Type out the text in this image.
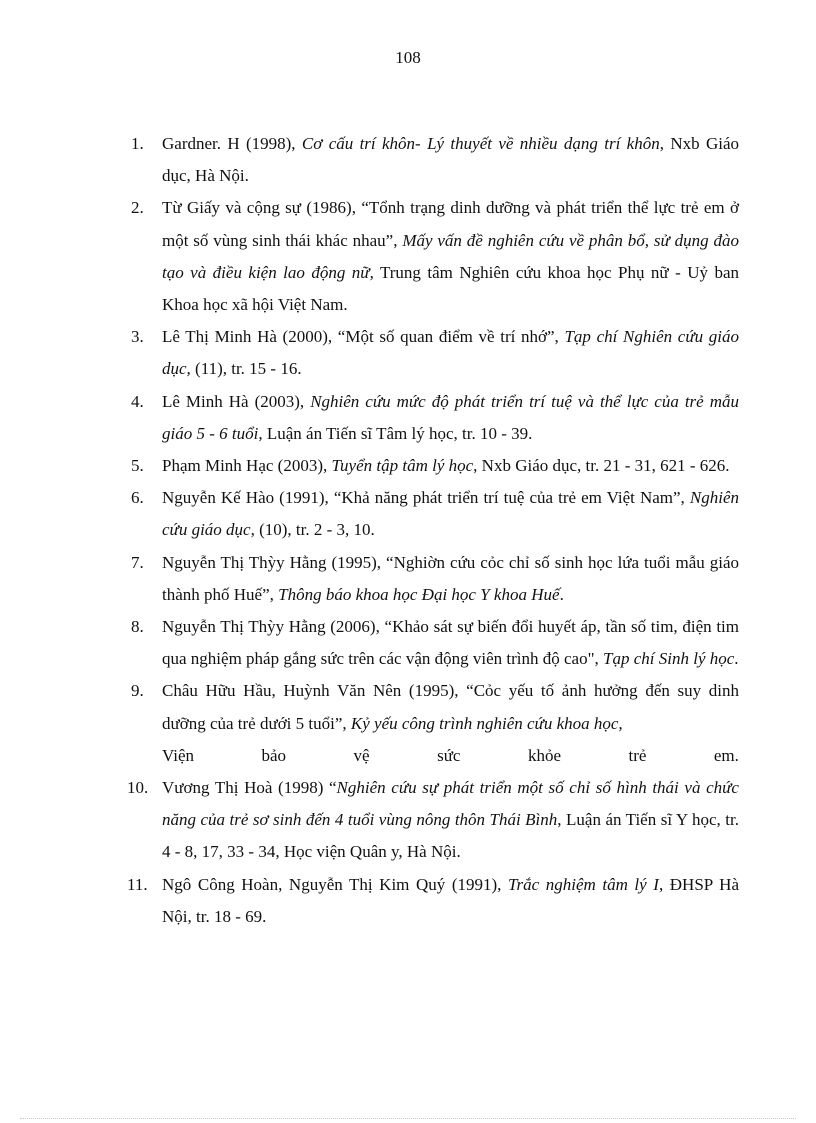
108
1.	Gardner. H (1998), Cơ cấu trí khôn- Lý thuyết về nhiều dạng trí khôn, Nxb Giáo dục, Hà Nội.
2.	Từ Giấy và cộng sự (1986), “Tổnh trạng dinh dưỡng và phát triển thể lực trẻ em ở một số vùng sinh thái khác nhau”, Mấy vấn đề nghiên cứu về phân bổ, sử dụng đào tạo và điều kiện lao động nữ, Trung tâm Nghiên cứu khoa học Phụ nữ - Uỷ ban Khoa học xã hội Việt Nam.
3.	Lê Thị Minh Hà (2000), “Một số quan điểm về trí nhớ”, Tạp chí Nghiên cứu giáo dục, (11), tr. 15 - 16.
4.	Lê Minh Hà (2003), Nghiên cứu mức độ phát triển trí tuệ và thể lực của trẻ mẫu giáo 5 - 6 tuổi, Luận án Tiến sĩ Tâm lý học, tr. 10 - 39.
5.	Phạm Minh Hạc (2003), Tuyển tập tâm lý học, Nxb Giáo dục, tr. 21 - 31, 621 - 626.
6.	Nguyễn Kế Hào (1991), “Khả năng phát triển trí tuệ của trẻ em Việt Nam”, Nghiên cứu giáo dục, (10), tr. 2 - 3, 10.
7.	Nguyễn Thị Thỳy Hằng (1995), “Nghiờn cứu cỏc chỉ số sinh học lứa tuổi mẫu giáo thành phố Huế”, Thông báo khoa học Đại học Y khoa Huế.
8.	Nguyễn Thị Thỳy Hằng (2006), “Khảo sát sự biến đổi huyết áp, tần số tim, điện tim qua nghiệm pháp gắng sức trên các vận động viên trình độ cao", Tạp chí Sinh lý học.
9.	Châu Hữu Hầu, Huỳnh Văn Nên (1995), “Cỏc yếu tố ảnh hưởng đến suy dinh dưỡng của trẻ dưới 5 tuổi”, Kỷ yếu công trình nghiên cứu khoa học,
Viện	bảo	vệ	sức	khỏe	trẻ	em.
10. Vương Thị Hoà (1998) “Nghiên cứu sự phát triển một số chỉ số hình thái và chức năng của trẻ sơ sinh đến 4 tuổi vùng nông thôn Thái Bình, Luận án Tiến sĩ Y học, tr. 4 - 8, 17, 33 - 34, Học viện Quân y, Hà Nội.
11. Ngô Công Hoàn, Nguyễn Thị Kim Quý (1991), Trắc nghiệm tâm lý I, ĐHSP Hà Nội, tr. 18 - 69.
